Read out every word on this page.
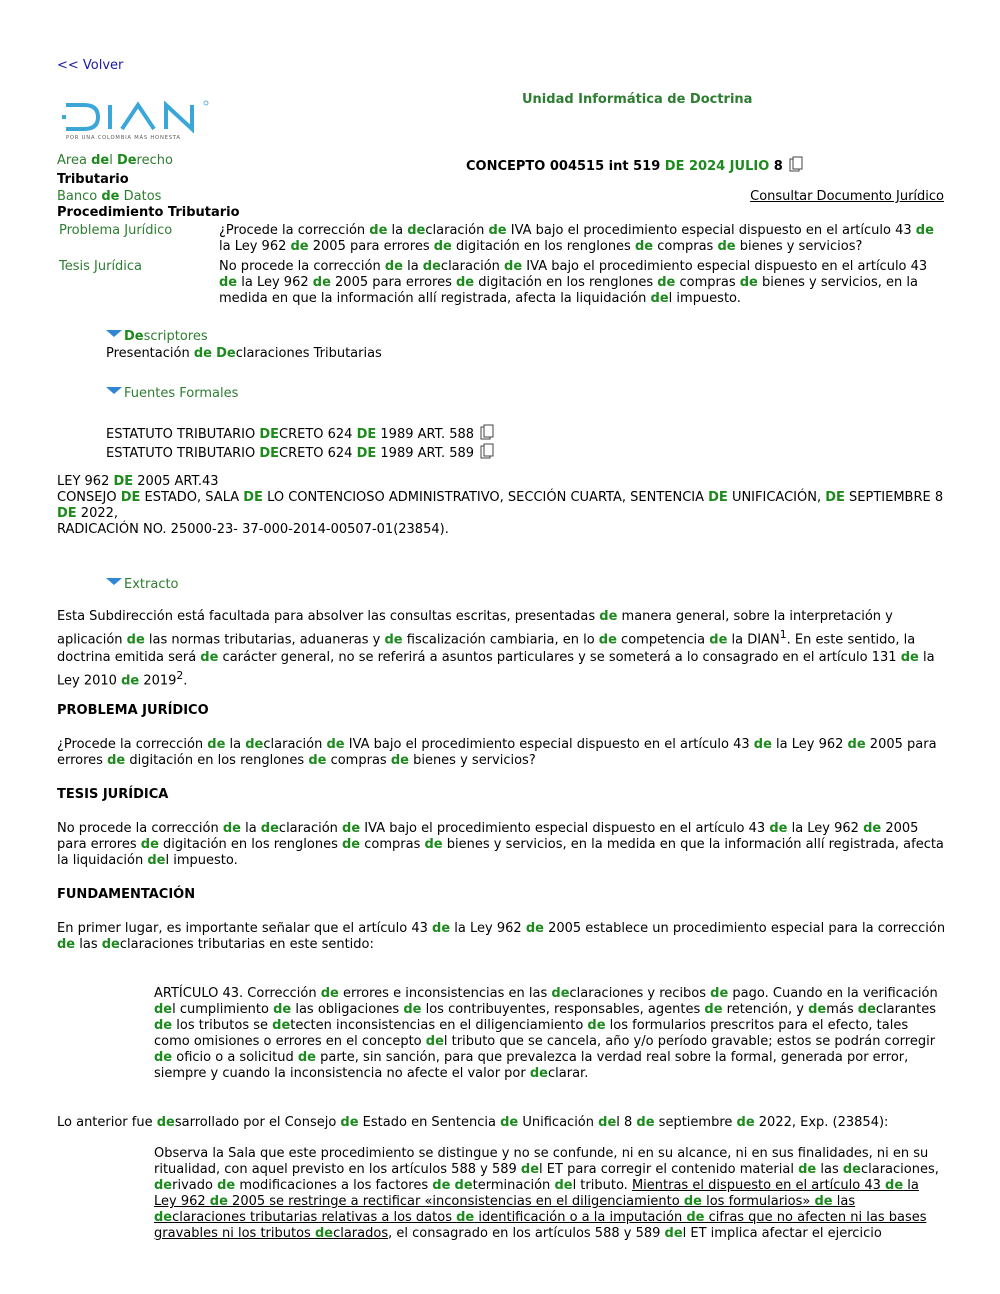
<< Volver
Unidad Informática de Doctrina
POR UNA COLOMBIA MÁS HONESTA
Area del Derecho
Tributario
CONCEPTO 004515 int 519 DE 2024 JULIO 8
Banco de Datos	Consultar Documento Jurídico
Procedimiento Tributario
Problema Jurídico	¿Procede la corrección de la declaración de IVA bajo el procedimiento especial dispuesto en el artículo 43 de la Ley 962 de 2005 para errores de digitación en los renglones de compras de bienes y servicios?
Tesis Jurídica	No procede la corrección de la declaración de IVA bajo el procedimiento especial dispuesto en el artículo 43 de la Ley 962 de 2005 para errores de digitación en los renglones de compras de bienes y servicios, en la medida en que la información allí registrada, afecta la liquidación del impuesto.
Descriptores
Presentación de Declaraciones Tributarias
Fuentes Formales
ESTATUTO TRIBUTARIO DECRETO 624 DE 1989 ART. 588
ESTATUTO TRIBUTARIO DECRETO 624 DE 1989 ART. 589
LEY 962 DE 2005 ART.43
CONSEJO DE ESTADO, SALA DE LO CONTENCIOSO ADMINISTRATIVO, SECCIÓN CUARTA, SENTENCIA DE UNIFICACIÓN, DE SEPTIEMBRE 8 DE 2022,
RADICACIÓN NO. 25000-23- 37-000-2014-00507-01(23854).
Extracto
Esta Subdirección está facultada para absolver las consultas escritas, presentadas de manera general, sobre la interpretación y aplicación de las normas tributarias, aduaneras y de fiscalización cambiaria, en lo de competencia de la DIAN$^1$. En este sentido, la doctrina emitida será de carácter general, no se referirá a asuntos particulares y se someterá a lo consagrado en el artículo 131 de la Ley 2010 de 2019$^2$.
PROBLEMA JURÍDICO
¿Procede la corrección de la declaración de IVA bajo el procedimiento especial dispuesto en el artículo 43 de la Ley 962 de 2005 para errores de digitación en los renglones de compras de bienes y servicios?
TESIS JURÍDICA
No procede la corrección de la declaración de IVA bajo el procedimiento especial dispuesto en el artículo 43 de la Ley 962 de 2005 para errores de digitación en los renglones de compras de bienes y servicios, en la medida en que la información allí registrada, afecta la liquidación del impuesto.
FUNDAMENTACIÓN
En primer lugar, es importante señalar que el artículo 43 de la Ley 962 de 2005 establece un procedimiento especial para la corrección de las declaraciones tributarias en este sentido:
ARTÍCULO 43. Corrección de errores e inconsistencias en las declaraciones y recibos de pago. Cuando en la verificación del cumplimiento de las obligaciones de los contribuyentes, responsables, agentes de retención, y demás declarantes de los tributos se detecten inconsistencias en el diligenciamiento de los formularios prescritos para el efecto, tales como omisiones o errores en el concepto del tributo que se cancela, año y/o período gravable; estos se podrán corregir de oficio o a solicitud de parte, sin sanción, para que prevalezca la verdad real sobre la formal, generada por error, siempre y cuando la inconsistencia no afecte el valor por declarar.
Lo anterior fue desarrollado por el Consejo de Estado en Sentencia de Unificación del 8 de septiembre de 2022, Exp. (23854):
Observa la Sala que este procedimiento se distingue y no se confunde, ni en su alcance, ni en sus finalidades, ni en su ritualidad, con aquel previsto en los artículos 588 y 589 del ET para corregir el contenido material de las declaraciones, derivado de modificaciones a los factores de determinación del tributo. Mientras el dispuesto en el artículo 43 de la Ley 962 de 2005 se restringe a rectificar «inconsistencias en el diligenciamiento de los formularios» de las declaraciones tributarias relativas a los datos de identificación o a la imputación de cifras que no afecten ni las bases gravables ni los tributos declarados, el consagrado en los artículos 588 y 589 del ET implica afectar el ejercicio
